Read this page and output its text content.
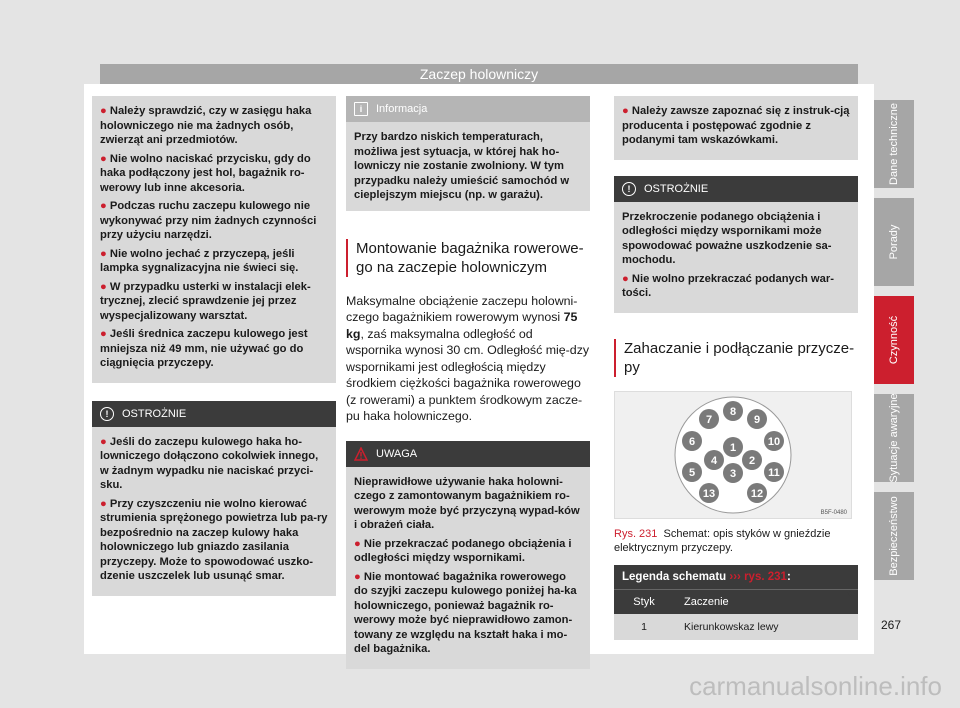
Zaczep holowniczy

● Należy sprawdzić, czy w zasięgu haka holowniczego nie ma żadnych osób, zwierząt ani przedmiotów.

● Nie wolno naciskać przycisku, gdy do haka podłączony jest hol, bagażnik ro-werowy lub inne akcesoria.

● Podczas ruchu zaczepu kulowego nie wykonywać przy nim żadnych czynności przy użyciu narzędzi.

● Nie wolno jechać z przyczepą, jeśli lampka sygnalizacyjna nie świeci się.

● W przypadku usterki w instalacji elek-trycznej, zlecić sprawdzenie jej przez wyspecjalizowany warsztat.

● Jeśli średnica zaczepu kulowego jest mniejsza niż 49 mm, nie używać go do ciągnięcia przyczepy.

!	OSTROŻNIE

● Jeśli do zaczepu kulowego haka ho-lowniczego dołączono cokolwiek innego, w żadnym wypadku nie naciskać przyci-sku.

● Przy czyszczeniu nie wolno kierować strumienia sprężonego powietrza lub pa-ry bezpośrednio na zaczep kulowy haka holowniczego lub gniazdo zasilania przyczepy. Może to spowodować uszko-dzenie uszczelek lub usunąć smar.

i	Informacja
Przy bardzo niskich temperaturach, możliwa jest sytuacja, w której hak ho-lowniczy nie zostanie zwolniony. W tym przypadku należy umieścić samochód w cieplejszym miejscu (np. w garażu).
Montowanie bagażnika rowerowe-go na zaczepie holowniczym

Maksymalne obciążenie zaczepu holowni-czego bagażnikiem rowerowym wynosi 75 kg, zaś maksymalna odległość od wspornika wynosi 30 cm. Odległość mię-dzy wspornikami jest odległością między środkiem ciężkości bagażnika rowerowego (z rowerami) a punktem środkowym zacze-pu haka holowniczego.

UWAGA

Nieprawidłowe używanie haka holowni-czego z zamontowanym bagażnikiem ro-werowym może być przyczyną wypad-ków i obrażeń ciała.

● Nie przekraczać podanego obciążenia i odległości między wspornikami.

● Nie montować bagażnika rowerowego do szyjki zaczepu kulowego poniżej ha-ka holowniczego, ponieważ bagażnik ro-werowy może być nieprawidłowo zamon-towany ze względu na kształt haka i mo-del bagażnika.

● Należy zawsze zapoznać się z instruk-cją producenta i postępować zgodnie z podanymi tam wskazówkami.

!	OSTROŻNIE

Przekroczenie podanego obciążenia i odległości między wspornikami może spowodować poważne uszkodzenie sa-mochodu.

● Nie wolno przekraczać podanych war-tości.

Zahaczanie i podłączanie przycze-py
1
2
3
4
5
6
7
8
9
10
11
12
13
B5F-0480
Rys. 231 Schemat: opis styków w gnieździe elektrycznym przyczepy.
Legenda schematu ››› rys. 231:
Styk	Zaczenie
1	Kierunkowskaz lewy
»
Dane techniczne
Porady
Czynność
Sytuacje awaryjne
Bezpieczeństwo
267
carmanualsonline.info
